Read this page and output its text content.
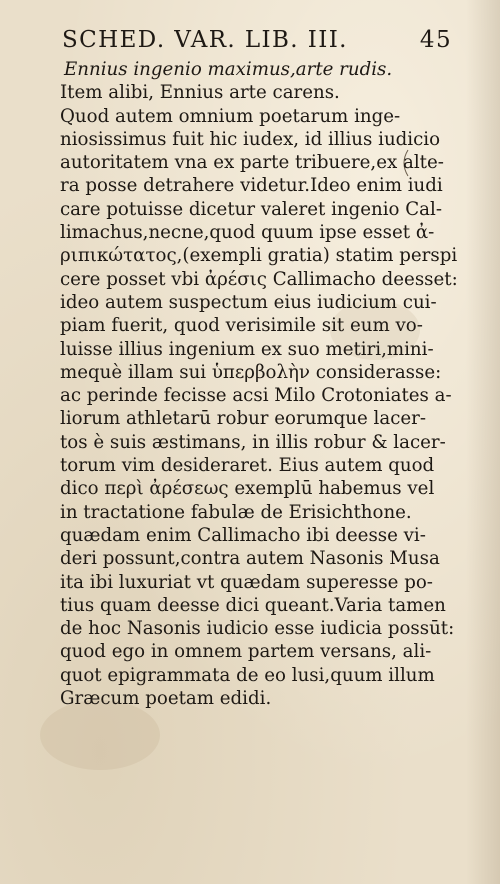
SCHED. VAR. LIB. III.	45
Ennius ingenio maximus,arte rudis.
Item alibi, Ennius arte carens.
Quod autem omnium poetarum inge-
niosissimus fuit hic iudex, id illius iudicio
autoritatem vna ex parte tribuere,ex alte-
ra posse detrahere videtur.Ideo enim iudi
care potuisse dicetur valeret ingenio Cal-
limachus,necne,quod quum ipse esset ἀ-
ριπικώτατος,(exempli gratia) statim perspi
cere posset vbi ἀρέσις Callimacho deesset:
ideo autem suspectum eius iudicium cui-
piam fuerit, quod verisimile sit eum vo-
luisse illius ingenium ex suo metiri,mini-
mequè illam sui ὑπερβολὴν considerasse:
ac perinde fecisse acsi Milo Crotoniates a-
liorum athletarū robur eorumque lacer-
tos è suis æstimans, in illis robur & lacer-
torum vim desideraret. Eius autem quod
dico περὶ ἀρέσεως exemplū habemus vel
in tractatione fabulæ de Erisichthone.
quædam enim Callimacho ibi deesse vi-
deri possunt,contra autem Nasonis Musa
ita ibi luxuriat vt quædam superesse po-
tius quam deesse dici queant.Varia tamen
de hoc Nasonis iudicio esse iudicia possūt:
quod ego in omnem partem versans, ali-
quot epigrammata de eo lusi,quum illum
Græcum poetam edidi.
